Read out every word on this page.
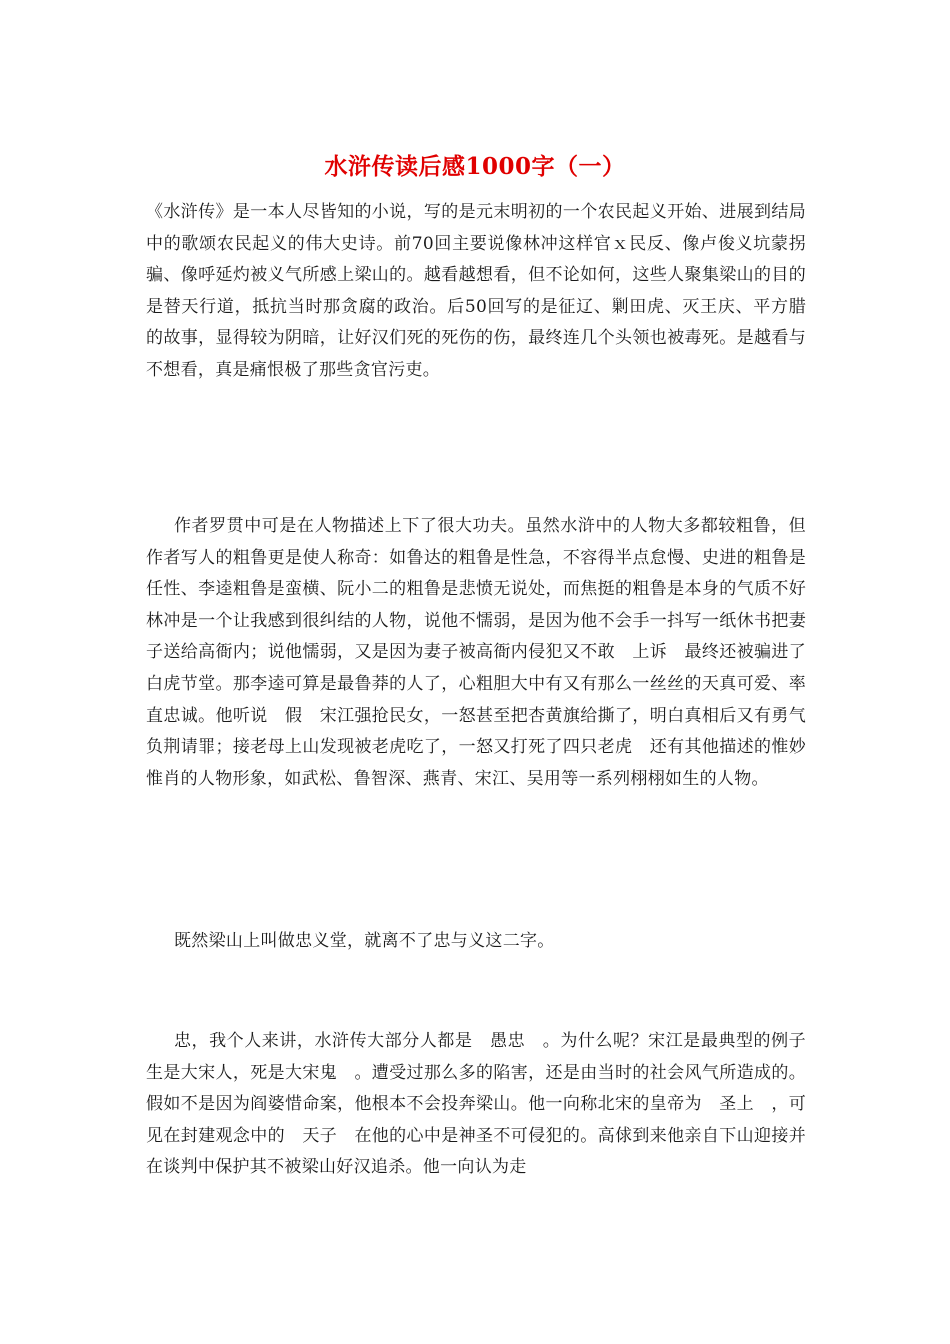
水浒传读后感1000字（一）

《水浒传》是一本人尽皆知的小说，写的是元末明初的一个农民起义开始、进展到结局中的歌颂农民起义的伟大史诗。前70回主要说像林冲这样官ｘ民反、像卢俊义坑蒙拐骗、像呼延灼被义气所感上梁山的。越看越想看，但不论如何，这些人聚集梁山的目的是替天行道，抵抗当时那贪腐的政治。后50回写的是征辽、剿田虎、灭王庆、平方腊的故事，显得较为阴暗，让好汉们死的死伤的伤，最终连几个头领也被毒死。是越看与不想看，真是痛恨极了那些贪官污吏。

作者罗贯中可是在人物描述上下了很大功夫。虽然水浒中的人物大多都较粗鲁，但作者写人的粗鲁更是使人称奇：如鲁达的粗鲁是性急，不容得半点怠慢、史进的粗鲁是任性、李逵粗鲁是蛮横、阮小二的粗鲁是悲愤无说处，而焦挺的粗鲁是本身的气质不好　林冲是一个让我感到很纠结的人物，说他不懦弱，是因为他不会手一抖写一纸休书把妻子送给高衙内；说他懦弱，又是因为妻子被高衙内侵犯又不敢　上诉　最终还被骗进了白虎节堂。那李逵可算是最鲁莽的人了，心粗胆大中有又有那么一丝丝的天真可爱、率直忠诚。他听说　假　宋江强抢民女，一怒甚至把杏黄旗给撕了，明白真相后又有勇气负荆请罪；接老母上山发现被老虎吃了，一怒又打死了四只老虎　还有其他描述的惟妙惟肖的人物形象，如武松、鲁智深、燕青、宋江、吴用等一系列栩栩如生的人物。

既然梁山上叫做忠义堂，就离不了忠与义这二字。

忠，我个人来讲，水浒传大部分人都是　愚忠　。为什么呢？宋江是最典型的例子　生是大宋人，死是大宋鬼　。遭受过那么多的陷害，还是由当时的社会风气所造成的。假如不是因为阎婆惜命案，他根本不会投奔梁山。他一向称北宋的皇帝为　圣上　，可见在封建观念中的　天子　在他的心中是神圣不可侵犯的。高俅到来他亲自下山迎接并在谈判中保护其不被梁山好汉追杀。他一向认为走
